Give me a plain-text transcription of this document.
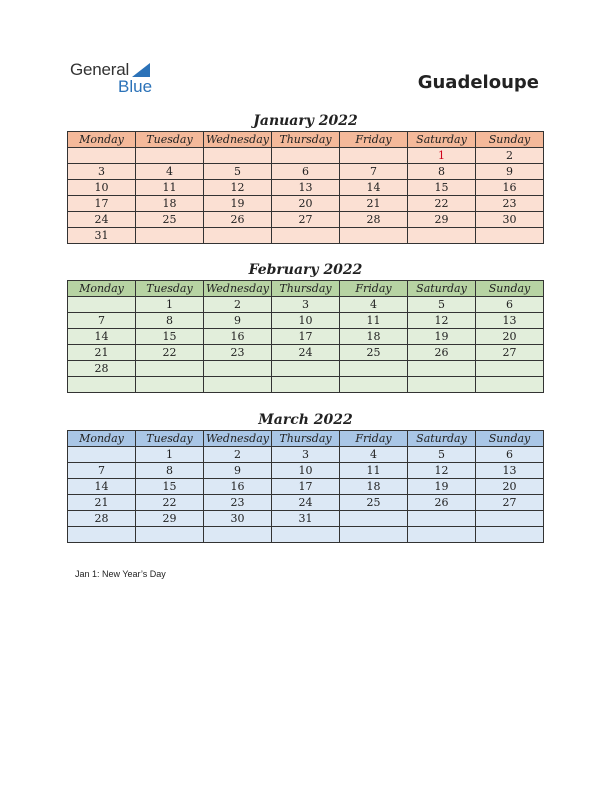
General
Blue	Guadeloupe
January 2022
Monday	Tuesday	Wednesday	Thursday	Friday	Saturday	Sunday
					1	2
3	4	5	6	7	8	9
10	11	12	13	14	15	16
17	18	19	20	21	22	23
24	25	26	27	28	29	30
31						
February 2022
Monday	Tuesday	Wednesday	Thursday	Friday	Saturday	Sunday
	1	2	3	4	5	6
7	8	9	10	11	12	13
14	15	16	17	18	19	20
21	22	23	24	25	26	27
28						

March 2022
Monday	Tuesday	Wednesday	Thursday	Friday	Saturday	Sunday
	1	2	3	4	5	6
7	8	9	10	11	12	13
14	15	16	17	18	19	20
21	22	23	24	25	26	27
28	29	30	31			

Jan 1: New Year’s Day
